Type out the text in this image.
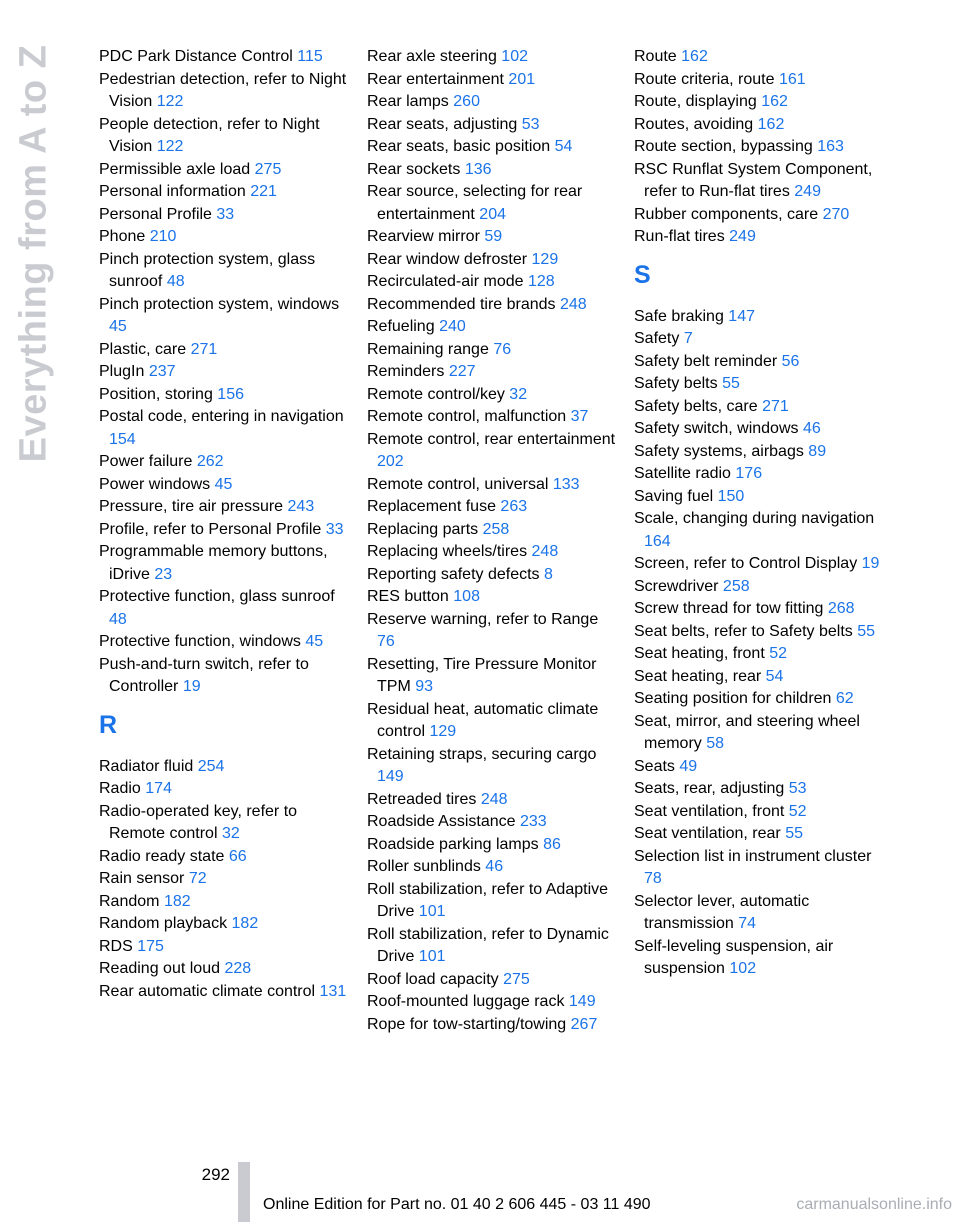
Everything from A to Z	PDC Park Distance Control 115

Pedestrian detection, refer to Night Vision 122

People detection, refer to Night Vision 122

Permissible axle load 275

Personal information 221

Personal Profile 33

Phone 210

Pinch protection system, glass sunroof 48

Pinch protection system, windows 45

Plastic, care 271

PlugIn 237

Position, storing 156

Postal code, entering in navigation 154

Power failure 262

Power windows 45

Pressure, tire air pressure 243

Profile, refer to Personal Profile 33

Programmable memory buttons, iDrive 23

Protective function, glass sunroof 48

Protective function, windows 45

Push-and-turn switch, refer to Controller 19

R

Radiator fluid 254

Radio 174

Radio-operated key, refer to Remote control 32

Radio ready state 66

Rain sensor 72

Random 182

Random playback 182

RDS 175

Reading out loud 228

Rear automatic climate control 131

Rear axle steering 102

Rear entertainment 201

Rear lamps 260

Rear seats, adjusting 53

Rear seats, basic position 54

Rear sockets 136

Rear source, selecting for rear entertainment 204

Rearview mirror 59

Rear window defroster 129

Recirculated-air mode 128

Recommended tire brands 248

Refueling 240

Remaining range 76

Reminders 227

Remote control/key 32

Remote control, malfunction 37

Remote control, rear entertainment 202

Remote control, universal 133

Replacement fuse 263

Replacing parts 258

Replacing wheels/tires 248

Reporting safety defects 8

RES button 108

Reserve warning, refer to Range 76

Resetting, Tire Pressure Monitor TPM 93

Residual heat, automatic climate control 129

Retaining straps, securing cargo 149

Retreaded tires 248

Roadside Assistance 233

Roadside parking lamps 86

Roller sunblinds 46

Roll stabilization, refer to Adaptive Drive 101

Roll stabilization, refer to Dynamic Drive 101

Roof load capacity 275

Roof-mounted luggage rack 149

Rope for tow-starting/towing 267

Route 162

Route criteria, route 161

Route, displaying 162

Routes, avoiding 162

Route section, bypassing 163

RSC Runflat System Component, refer to Run-flat tires 249

Rubber components, care 270

Run-flat tires 249

S

Safe braking 147

Safety 7

Safety belt reminder 56

Safety belts 55

Safety belts, care 271

Safety switch, windows 46

Safety systems, airbags 89

Satellite radio 176

Saving fuel 150

Scale, changing during navigation 164

Screen, refer to Control Display 19

Screwdriver 258

Screw thread for tow fitting 268

Seat belts, refer to Safety belts 55

Seat heating, front 52

Seat heating, rear 54

Seating position for children 62

Seat, mirror, and steering wheel memory 58

Seats 49

Seats, rear, adjusting 53

Seat ventilation, front 52

Seat ventilation, rear 55

Selection list in instrument cluster 78

Selector lever, automatic transmission 74

Self-leveling suspension, air suspension 102

292
Online Edition for Part no. 01 40 2 606 445 - 03 11 490	carmanualsonline.info
